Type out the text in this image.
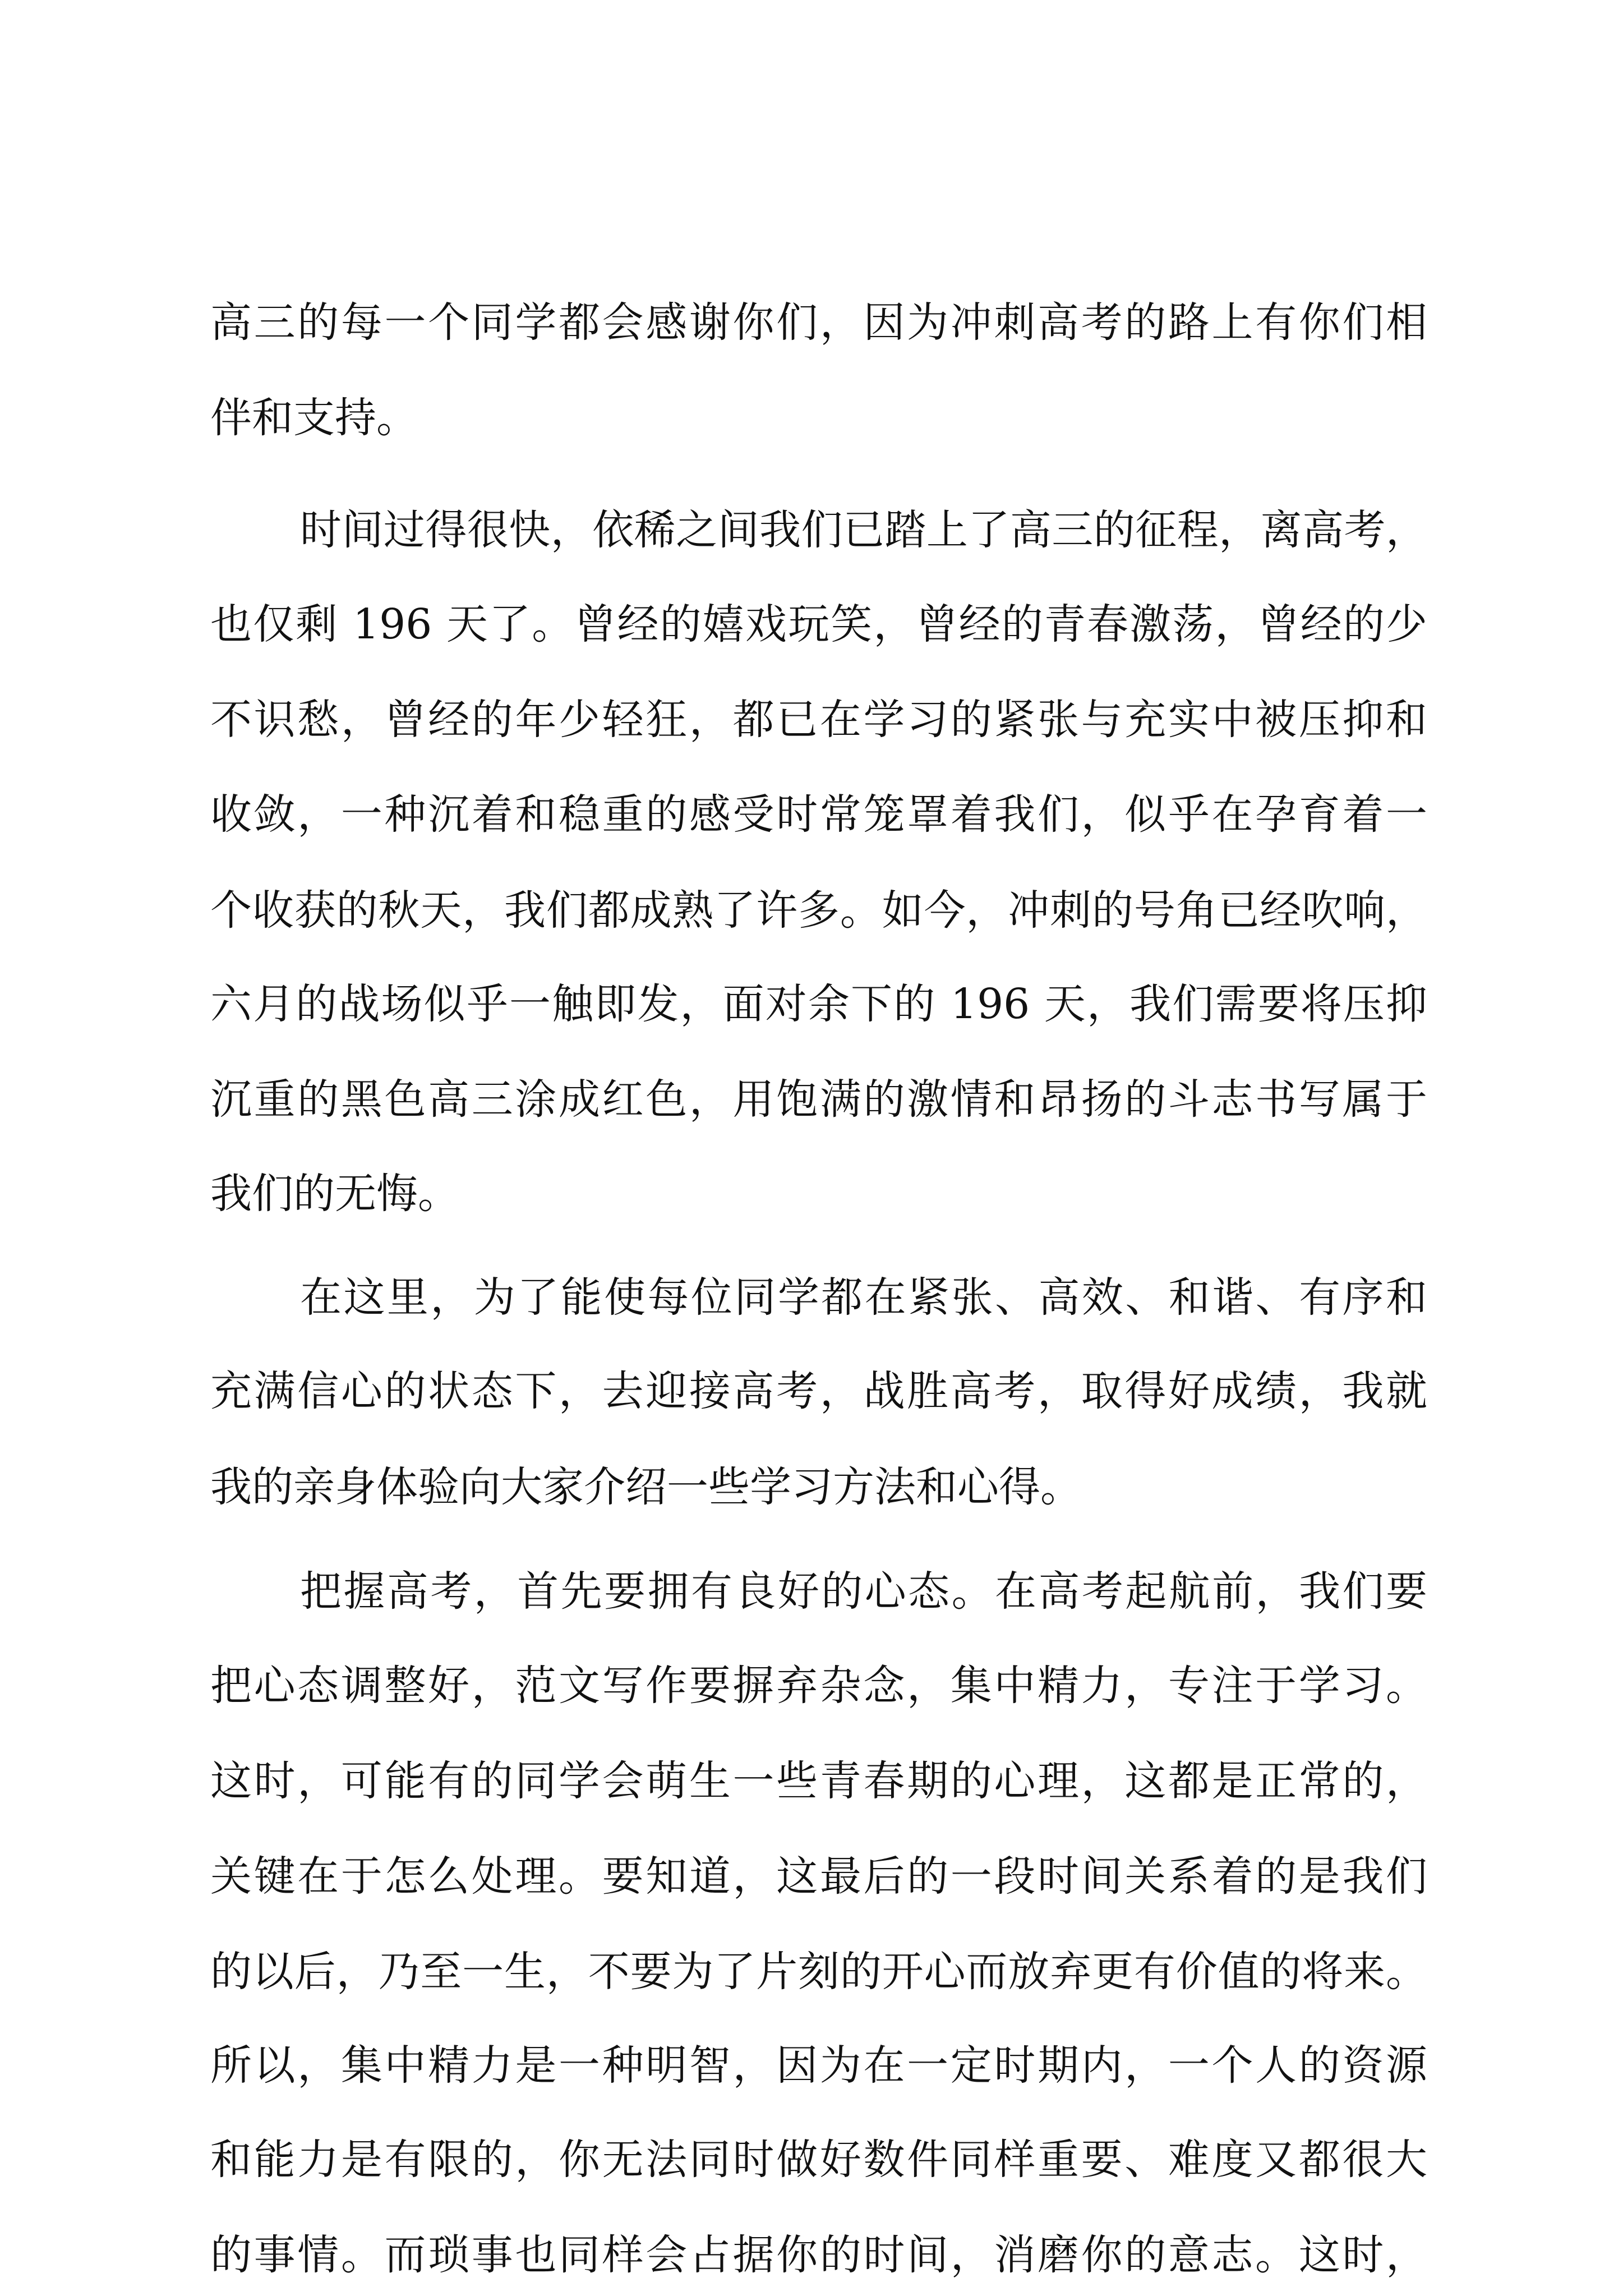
高三的每一个同学都会感谢你们，因为冲刺高考的路上有你们相
伴和支持。
时间过得很快，依稀之间我们已踏上了高三的征程，离高考，
也仅剩 196 天了。曾经的嬉戏玩笑，曾经的青春激荡，曾经的少
不识愁，曾经的年少轻狂，都已在学习的紧张与充实中被压抑和
收敛，一种沉着和稳重的感受时常笼罩着我们，似乎在孕育着一
个收获的秋天，我们都成熟了许多。如今，冲刺的号角已经吹响，
六月的战场似乎一触即发，面对余下的 196 天，我们需要将压抑
沉重的黑色高三涂成红色，用饱满的激情和昂扬的斗志书写属于
我们的无悔。
在这里，为了能使每位同学都在紧张、高效、和谐、有序和
充满信心的状态下，去迎接高考，战胜高考，取得好成绩，我就
我的亲身体验向大家介绍一些学习方法和心得。
把握高考，首先要拥有良好的心态。在高考起航前，我们要
把心态调整好，范文写作要摒弃杂念，集中精力，专注于学习。
这时，可能有的同学会萌生一些青春期的心理，这都是正常的，
关键在于怎么处理。要知道，这最后的一段时间关系着的是我们
的以后，乃至一生，不要为了片刻的开心而放弃更有价值的将来。
所以，集中精力是一种明智，因为在一定时期内，一个人的资源
和能力是有限的，你无法同时做好数件同样重要、难度又都很大
的事情。而琐事也同样会占据你的时间，消磨你的意志。这时，
